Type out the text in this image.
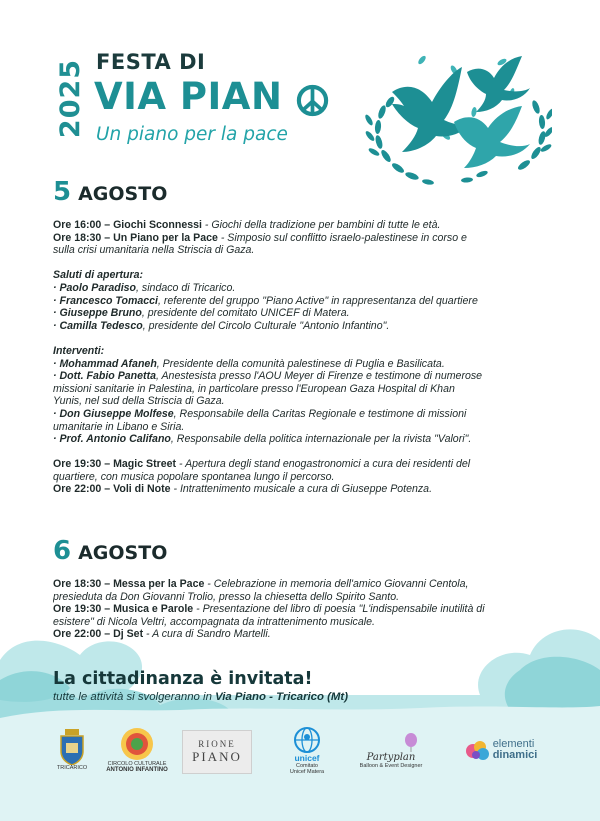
2025 FESTA DI
VIA PIAN
Un piano per la pace
5 AGOSTO
Ore 16:00 – Giochi Sconnessi - Giochi della tradizione per bambini di tutte le età.
Ore 18:30 – Un Piano per la Pace - Simposio sul conflitto israelo-palestinese in corso e
sulla crisi umanitaria nella Striscia di Gaza.
Saluti di apertura:
· Paolo Paradiso, sindaco di Tricarico.
· Francesco Tomacci, referente del gruppo "Piano Active" in rappresentanza del quartiere
· Giuseppe Bruno, presidente del comitato UNICEF di Matera.
· Camilla Tedesco, presidente del Circolo Culturale "Antonio Infantino".
Interventi:
· Mohammad Afaneh, Presidente della comunità palestinese di Puglia e Basilicata.
· Dott. Fabio Panetta, Anestesista presso l'AOU Meyer di Firenze e testimone di numerose
missioni sanitarie in Palestina, in particolare presso l'European Gaza Hospital di Khan
Yunis, nel sud della Striscia di Gaza.
· Don Giuseppe Molfese, Responsabile della Caritas Regionale e testimone di missioni
umanitarie in Libano e Siria.
· Prof. Antonio Califano, Responsabile della politica internazionale per la rivista "Valori".
Ore 19:30 – Magic Street - Apertura degli stand enogastronomici a cura dei residenti del
quartiere, con musica popolare spontanea lungo il percorso.
Ore 22:00 – Voli di Note - Intrattenimento musicale a cura di Giuseppe Potenza.
6 AGOSTO
Ore 18:30 – Messa per la Pace - Celebrazione in memoria dell'amico Giovanni Centola,
presieduta da Don Giovanni Trolio, presso la chiesetta dello Spirito Santo.
Ore 19:30 – Musica e Parole - Presentazione del libro di poesia "L'indispensabile inutilità di
esistere" di Nicola Veltri, accompagnata da intrattenimento musicale.
Ore 22:00 – Dj Set - A cura di Sandro Martelli.
La cittadinanza è invitata!
tutte le attività si svolgeranno in Via Piano - Tricarico (Mt)
TRICARICO
CIRCOLO CULTURALE
ANTONIO INFANTINO
RIONE
PIANO	unicef
Comitato
Unicef Matera
Partyplan
Balloon & Event Designer
elementi
dinamici
